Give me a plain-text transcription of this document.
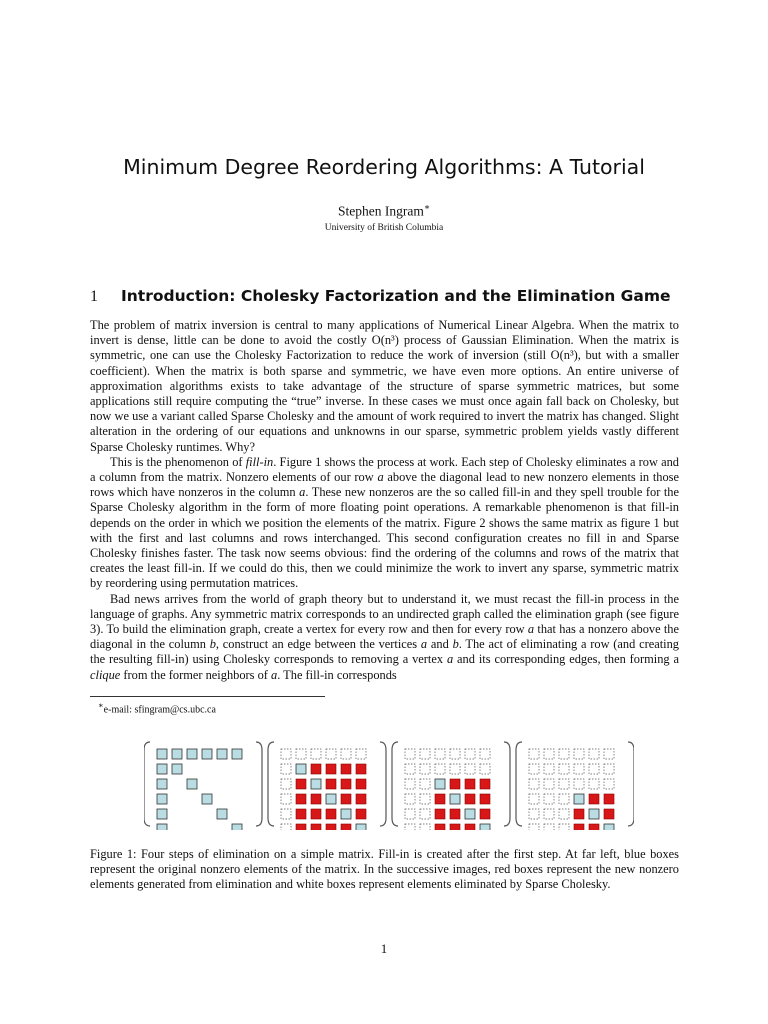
Minimum Degree Reordering Algorithms: A Tutorial
Stephen Ingram∗
University of British Columbia
1 Introduction: Cholesky Factorization and the Elimination Game

The problem of matrix inversion is central to many applications of Numerical Linear Algebra. When the matrix to invert is dense, little can be done to avoid the costly O(n³) process of Gaussian Elimination. When the matrix is symmetric, one can use the Cholesky Factorization to reduce the work of inversion (still O(n³), but with a smaller coefficient). When the matrix is both sparse and symmetric, we have even more options. An entire universe of approximation algorithms exists to take advantage of the structure of sparse symmetric matrices, but some applications still require computing the “true” inverse. In these cases we must once again fall back on Cholesky, but now we use a variant called Sparse Cholesky and the amount of work required to invert the matrix has changed. Slight alteration in the ordering of our equations and unknowns in our sparse, symmetric problem yields vastly different Sparse Cholesky runtimes. Why?

This is the phenomenon of fill-in. Figure 1 shows the process at work. Each step of Cholesky eliminates a row and a column from the matrix. Nonzero elements of our row a above the diagonal lead to new nonzero elements in those rows which have nonzeros in the column a. These new nonzeros are the so called fill-in and they spell trouble for the Sparse Cholesky algorithm in the form of more floating point operations. A remarkable phenomenon is that fill-in depends on the order in which we position the elements of the matrix. Figure 2 shows the same matrix as figure 1 but with the first and last columns and rows interchanged. This second configuration creates no fill in and Sparse Cholesky finishes faster. The task now seems obvious: find the ordering of the columns and rows of the matrix that creates the least fill-in. If we could do this, then we could minimize the work to invert any sparse, symmetric matrix by reordering using permutation matrices.

Bad news arrives from the world of graph theory but to understand it, we must recast the fill-in process in the language of graphs. Any symmetric matrix corresponds to an undirected graph called the elimination graph (see figure 3). To build the elimination graph, create a vertex for every row and then for every row a that has a nonzero above the diagonal in the column b, construct an edge between the vertices a and b. The act of eliminating a row (and creating the resulting fill-in) using Cholesky corresponds to removing a vertex a and its corresponding edges, then forming a clique from the former neighbors of a. The fill-in corresponds

∗e-mail: sfingram@cs.ubc.ca
Figure 1: Four steps of elimination on a simple matrix. Fill-in is created after the first step. At far left, blue boxes represent the original nonzero elements of the matrix. In the successive images, red boxes represent the new nonzero elements generated from elimination and white boxes represent elements eliminated by Sparse Cholesky.
1
